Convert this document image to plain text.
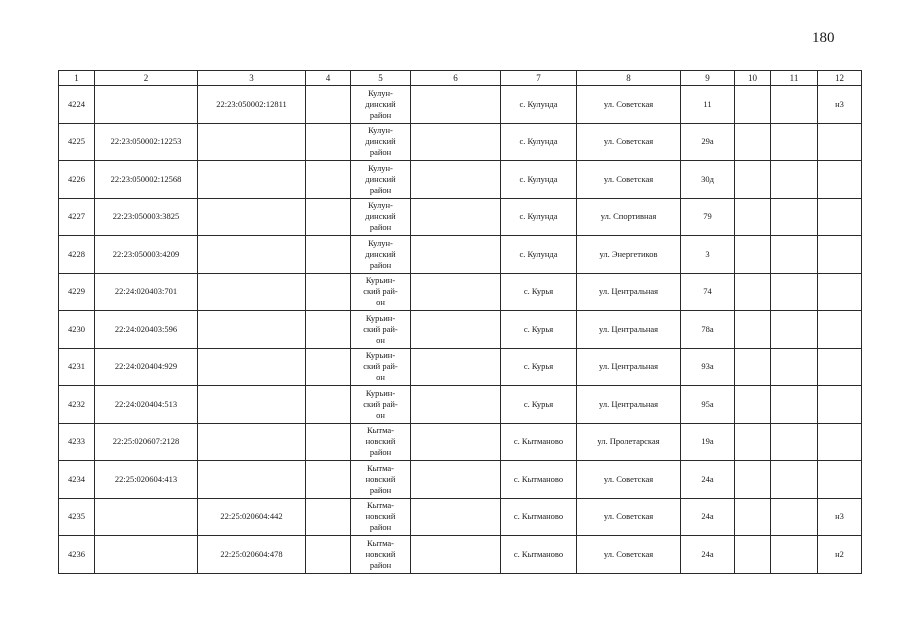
180
1	2	3	4	5	6	7	8	9	10	11	12
4224		22:23:050002:12811		Кулун-
динский
район		с. Кулунда	ул. Советская	11			н3
4225	22:23:050002:12253			Кулун-
динский
район		с. Кулунда	ул. Советская	29а			
4226	22:23:050002:12568			Кулун-
динский
район		с. Кулунда	ул. Советская	30д			
4227	22:23:050003:3825			Кулун-
динский
район		с. Кулунда	ул. Спортивная	79			
4228	22:23:050003:4209			Кулун-
динский
район		с. Кулунда	ул. Энергетиков	3			
4229	22:24:020403:701			Курьин-
ский рай-
он		с. Курья	ул. Центральная	74			
4230	22:24:020403:596			Курьин-
ский рай-
он		с. Курья	ул. Центральная	78а			
4231	22:24:020404:929			Курьин-
ский рай-
он		с. Курья	ул. Центральная	93а			
4232	22:24:020404:513			Курьин-
ский рай-
он		с. Курья	ул. Центральная	95а			
4233	22:25:020607:2128			Кытма-
новский
район		с. Кытманово	ул. Пролетарская	19а			
4234	22:25:020604:413			Кытма-
новский
район		с. Кытманово	ул. Советская	24а			
4235		22:25:020604:442		Кытма-
новский
район		с. Кытманово	ул. Советская	24а			н3
4236		22:25:020604:478		Кытма-
новский
район		с. Кытманово	ул. Советская	24а			н2
